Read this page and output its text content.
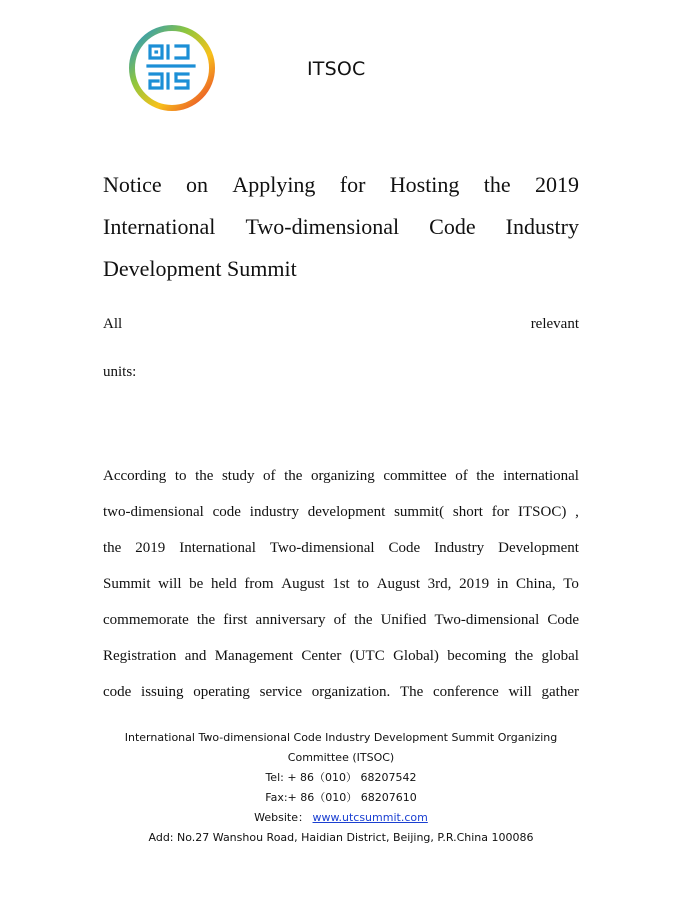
ITSOC
Notice on Applying for Hosting the 2019
International Two-dimensional Code Industry
Development Summit
All	relevant
units:
According to the study of the organizing committee of the international
two-dimensional code industry development summit( short for ITSOC) ,
the 2019 International Two-dimensional Code Industry Development
Summit will be held from August 1st to August 3rd, 2019 in China, To
commemorate the first anniversary of the Unified Two-dimensional Code
Registration and Management Center (UTC Global) becoming the global
code issuing operating service organization. The conference will gather
International Two-dimensional Code Industry Development Summit Organizing
Committee (ITSOC)
Tel: + 86（010） 68207542
Fax:+ 86（010） 68207610
Website： www.utcsummit.com
Add: No.27 Wanshou Road, Haidian District, Beijing, P.R.China 100086
